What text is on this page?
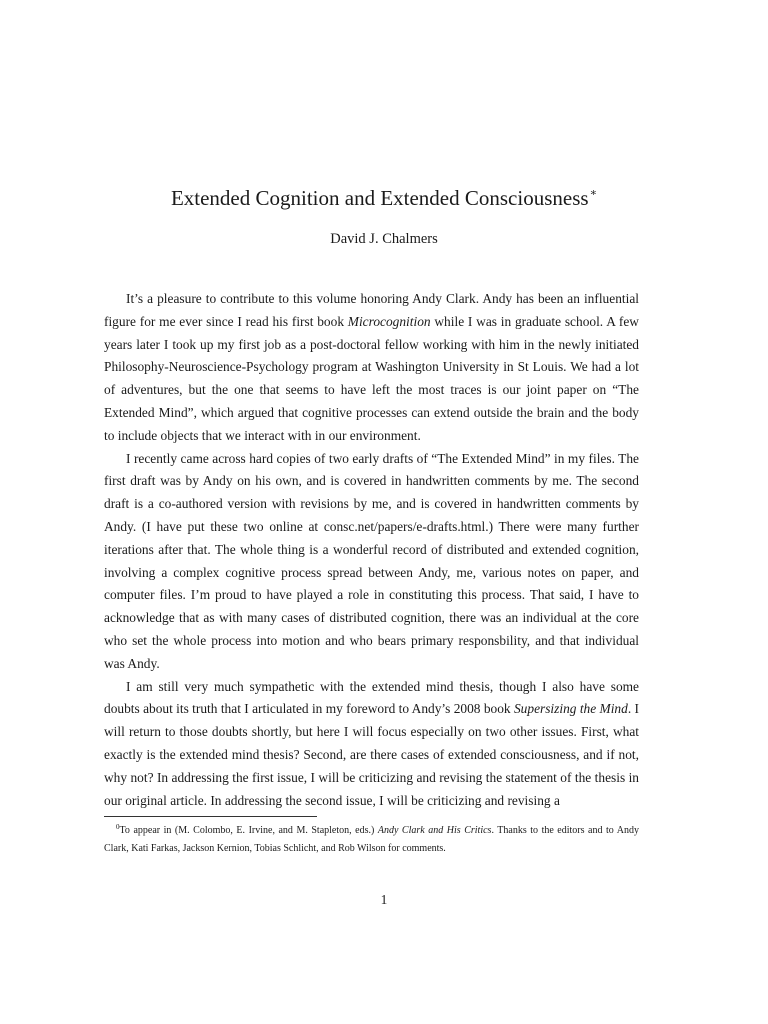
Extended Cognition and Extended Consciousness∗
David J. Chalmers

It’s a pleasure to contribute to this volume honoring Andy Clark. Andy has been an influential figure for me ever since I read his first book Microcognition while I was in graduate school. A few years later I took up my first job as a post-doctoral fellow working with him in the newly initiated Philosophy-Neuroscience-Psychology program at Washington University in St Louis. We had a lot of adventures, but the one that seems to have left the most traces is our joint paper on “The Extended Mind”, which argued that cognitive processes can extend outside the brain and the body to include objects that we interact with in our environment.

I recently came across hard copies of two early drafts of “The Extended Mind” in my files. The first draft was by Andy on his own, and is covered in handwritten comments by me. The second draft is a co-authored version with revisions by me, and is covered in handwritten comments by Andy. (I have put these two online at consc.net/papers/e-drafts.html.) There were many further iterations after that. The whole thing is a wonderful record of distributed and extended cognition, involving a complex cognitive process spread between Andy, me, various notes on paper, and computer files. I’m proud to have played a role in constituting this process. That said, I have to acknowledge that as with many cases of distributed cognition, there was an individual at the core who set the whole process into motion and who bears primary responsbility, and that individual was Andy.

I am still very much sympathetic with the extended mind thesis, though I also have some doubts about its truth that I articulated in my foreword to Andy’s 2008 book Supersizing the Mind. I will return to those doubts shortly, but here I will focus especially on two other issues. First, what exactly is the extended mind thesis? Second, are there cases of extended consciousness, and if not, why not? In addressing the first issue, I will be criticizing and revising the statement of the thesis in our original article. In addressing the second issue, I will be criticizing and revising a

$^0$To appear in (M. Colombo, E. Irvine, and M. Stapleton, eds.) Andy Clark and His Critics. Thanks to the editors and to Andy Clark, Kati Farkas, Jackson Kernion, Tobias Schlicht, and Rob Wilson for comments.

1
